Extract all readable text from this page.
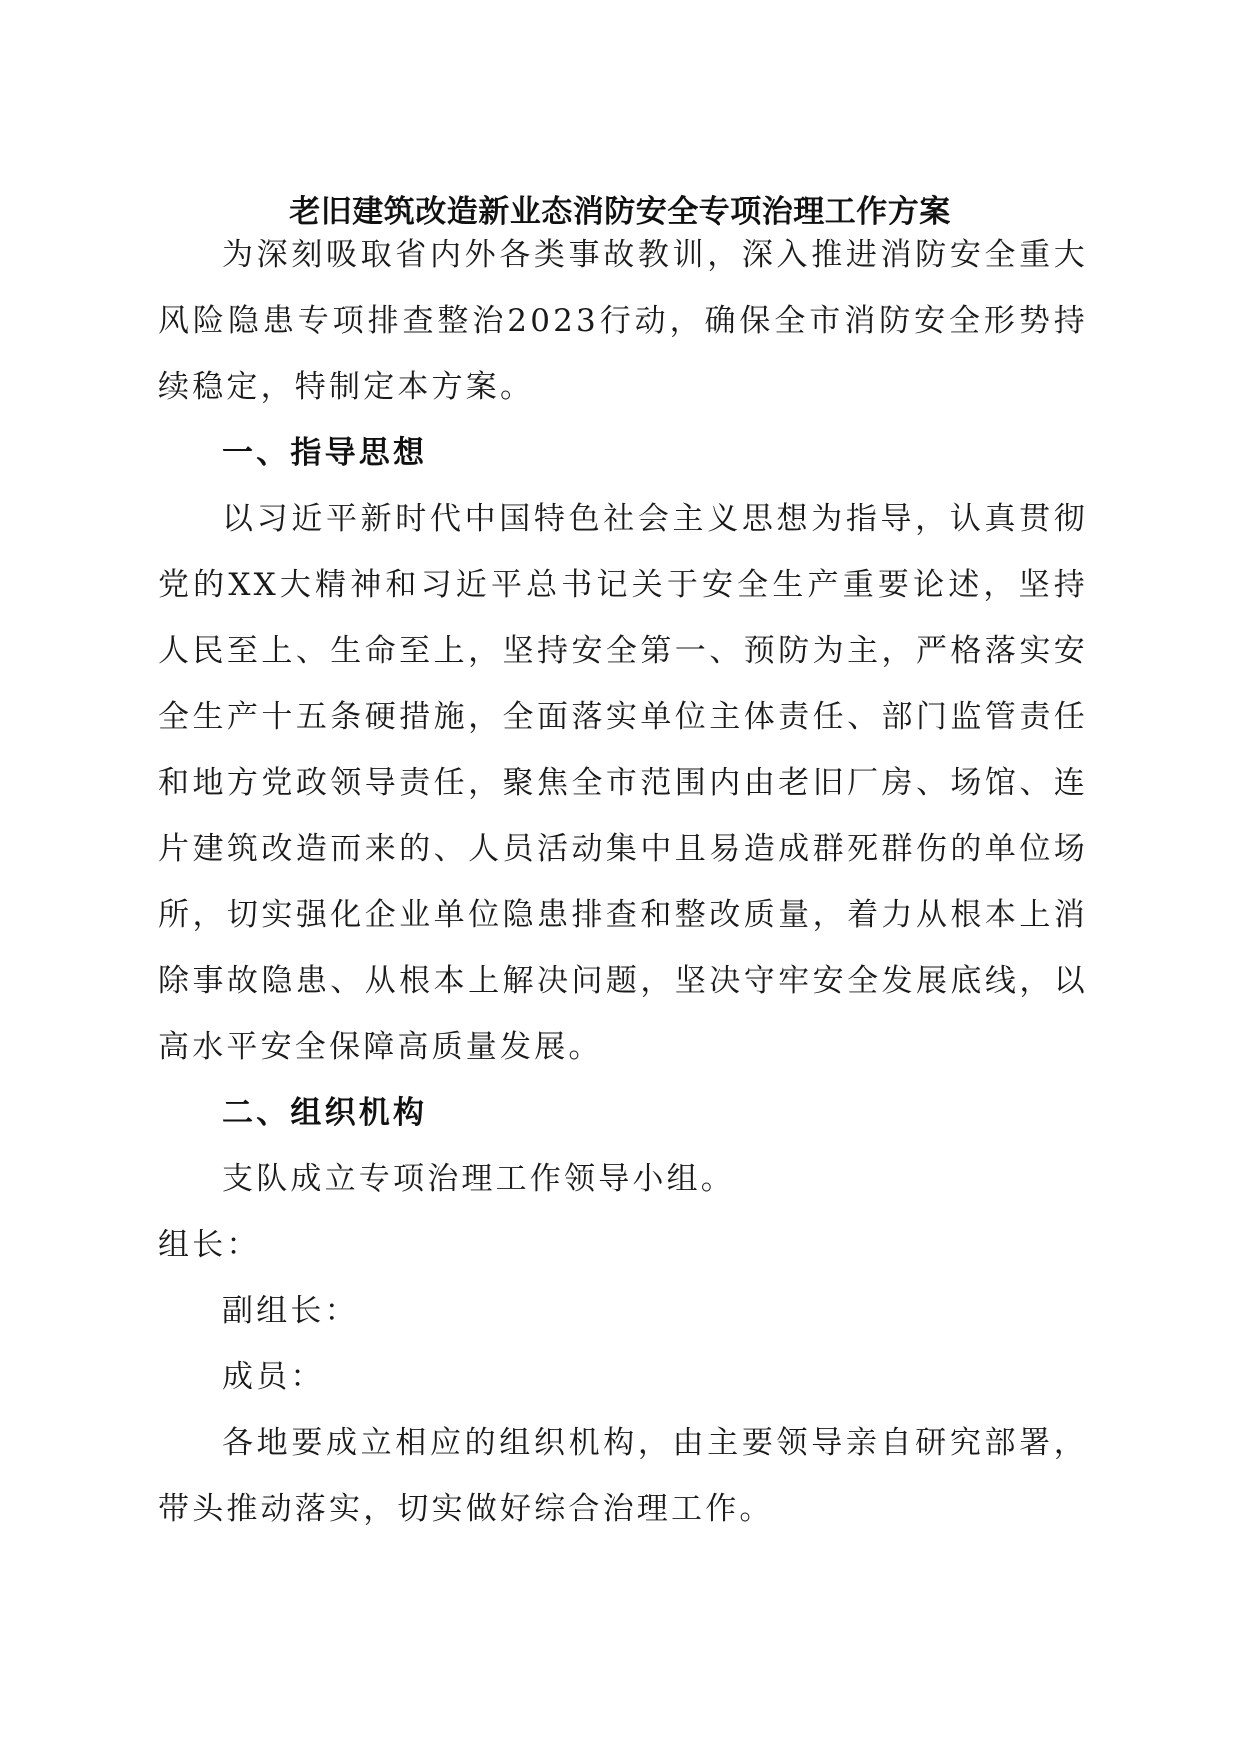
老旧建筑改造新业态消防安全专项治理工作方案

为深刻吸取省内外各类事故教训，深入推进消防安全重大风险隐患专项排查整治2023行动，确保全市消防安全形势持续稳定，特制定本方案。

一、指导思想

以习近平新时代中国特色社会主义思想为指导，认真贯彻党的XX大精神和习近平总书记关于安全生产重要论述，坚持人民至上、生命至上，坚持安全第一、预防为主，严格落实安全生产十五条硬措施，全面落实单位主体责任、部门监管责任和地方党政领导责任，聚焦全市范围内由老旧厂房、场馆、连片建筑改造而来的、人员活动集中且易造成群死群伤的单位场所，切实强化企业单位隐患排查和整改质量，着力从根本上消除事故隐患、从根本上解决问题，坚决守牢安全发展底线，以高水平安全保障高质量发展。

二、组织机构

支队成立专项治理工作领导小组。

组长：

副组长：

成员：

各地要成立相应的组织机构，由主要领导亲自研究部署，带头推动落实，切实做好综合治理工作。
